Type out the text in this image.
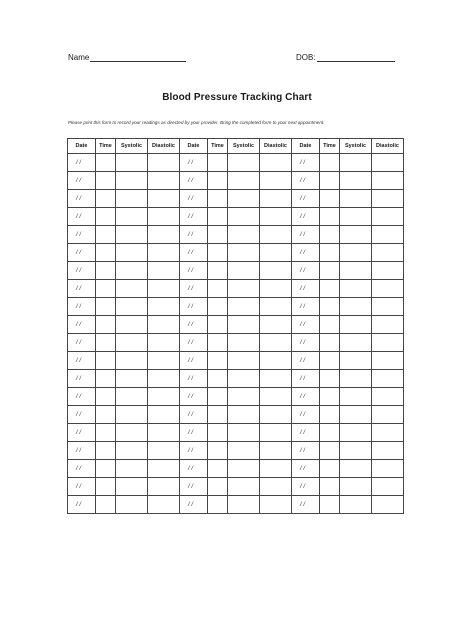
Name	DOB:
Blood Pressure Tracking Chart
Please print this form to record your readings as directed by your provider. Bring the completed form to your next appointment.
Date	Time	Systolic	Diastolic	Date	Time	Systolic	Diastolic	Date	Time	Systolic	Diastolic
/ /				/ /				/ /			
/ /				/ /				/ /			
/ /				/ /				/ /			
/ /				/ /				/ /			
/ /				/ /				/ /			
/ /				/ /				/ /			
/ /				/ /				/ /			
/ /				/ /				/ /			
/ /				/ /				/ /			
/ /				/ /				/ /			
/ /				/ /				/ /			
/ /				/ /				/ /			
/ /				/ /				/ /			
/ /				/ /				/ /			
/ /				/ /				/ /			
/ /				/ /				/ /			
/ /				/ /				/ /			
/ /				/ /				/ /			
/ /				/ /				/ /			
/ /				/ /				/ /			
